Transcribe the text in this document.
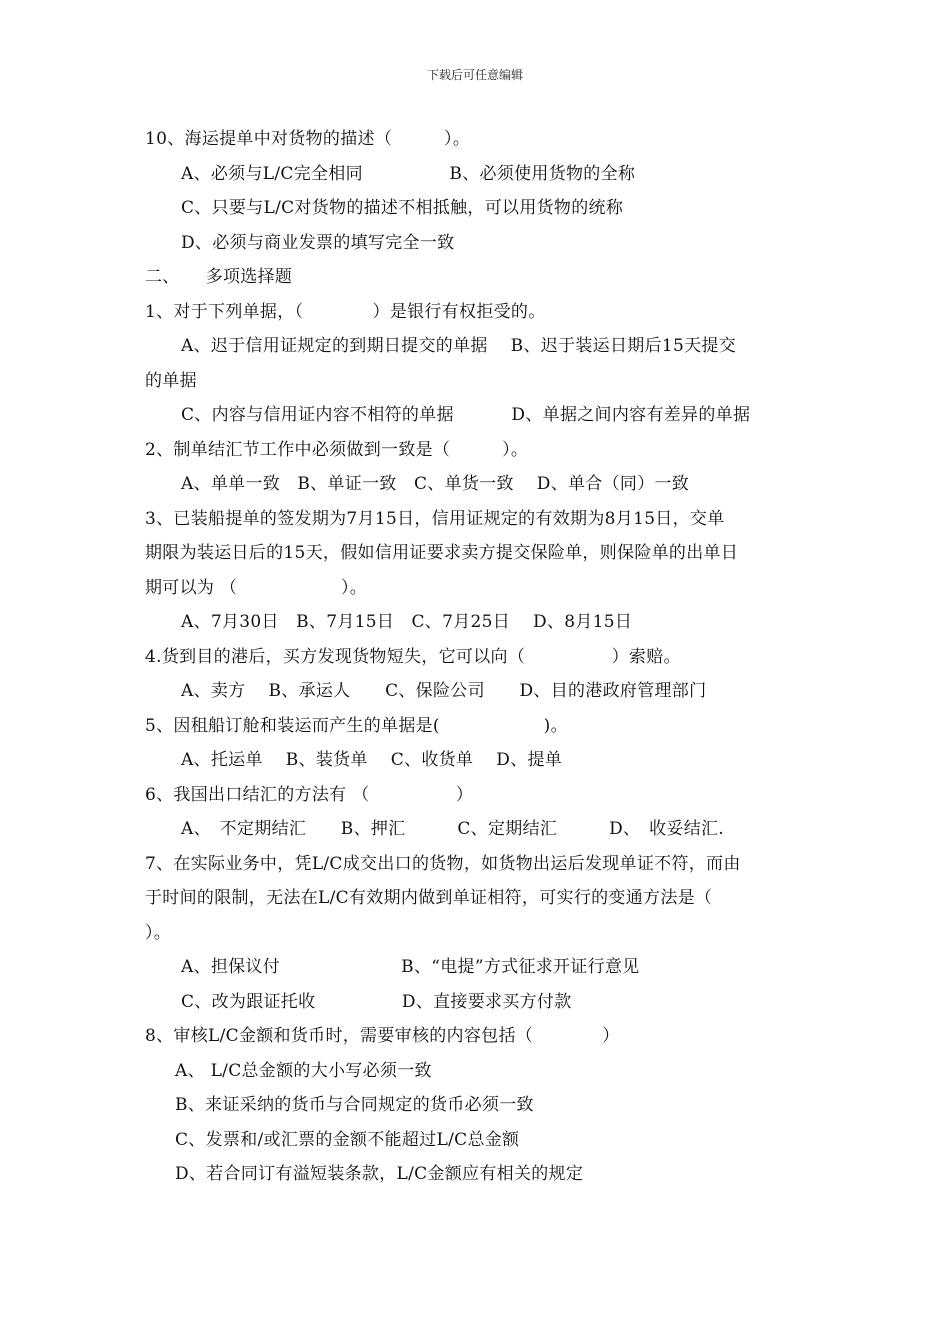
下载后可任意编辑
10、海运提单中对货物的描述（　　　）。
A、必须与L/C完全相同　　　　　B、必须使用货物的全称
C、只要与L/C对货物的描述不相抵触，可以用货物的统称
D、必须与商业发票的填写完全一致
二、　　多项选择题
1、对于下列单据，（　　　　）是银行有权拒受的。
A、迟于信用证规定的到期日提交的单据　 B、迟于装运日期后15天提交
的单据
C、内容与信用证内容不相符的单据　　　 D、单据之间内容有差异的单据
2、制单结汇节工作中必须做到一致是（　　　）。
A、单单一致　B、单证一致　C、单货一致　 D、单合（同）一致
3、已装船提单的签发期为7月15日，信用证规定的有效期为8月15日，交单
期限为装运日后的15天，假如信用证要求卖方提交保险单，则保险单的出单日
期可以为 （　　　　　　）。
A、7月30日　B、7月15日　C、7月25日　 D、8月15日
4.货到目的港后，买方发现货物短失，它可以向（　　　　　）索赔。
A、卖方　 B、承运人　　C、保险公司　　D、目的港政府管理部门
5、因租船订舱和装运而产生的单据是(　　　　　　)。
A、托运单　 B、装货单　 C、收货单　 D、提单
6、我国出口结汇的方法有 （　　　　　）
A、　不定期结汇　　B、押汇　　　C、定期结汇　　　D、　收妥结汇.
7、在实际业务中，凭L/C成交出口的货物，如货物出运后发现单证不符，而由
于时间的限制，无法在L/C有效期内做到单证相符，可实行的变通方法是（
）。
A、担保议付　　　　　　　B、“电提”方式征求开证行意见
C、改为跟证托收　　　　　D、直接要求买方付款
8、审核L/C金额和货币时，需要审核的内容包括（　　　　）
A、 L/C总金额的大小写必须一致
B、来证采纳的货币与合同规定的货币必须一致
C、发票和/或汇票的金额不能超过L/C总金额
D、若合同订有溢短装条款，L/C金额应有相关的规定
